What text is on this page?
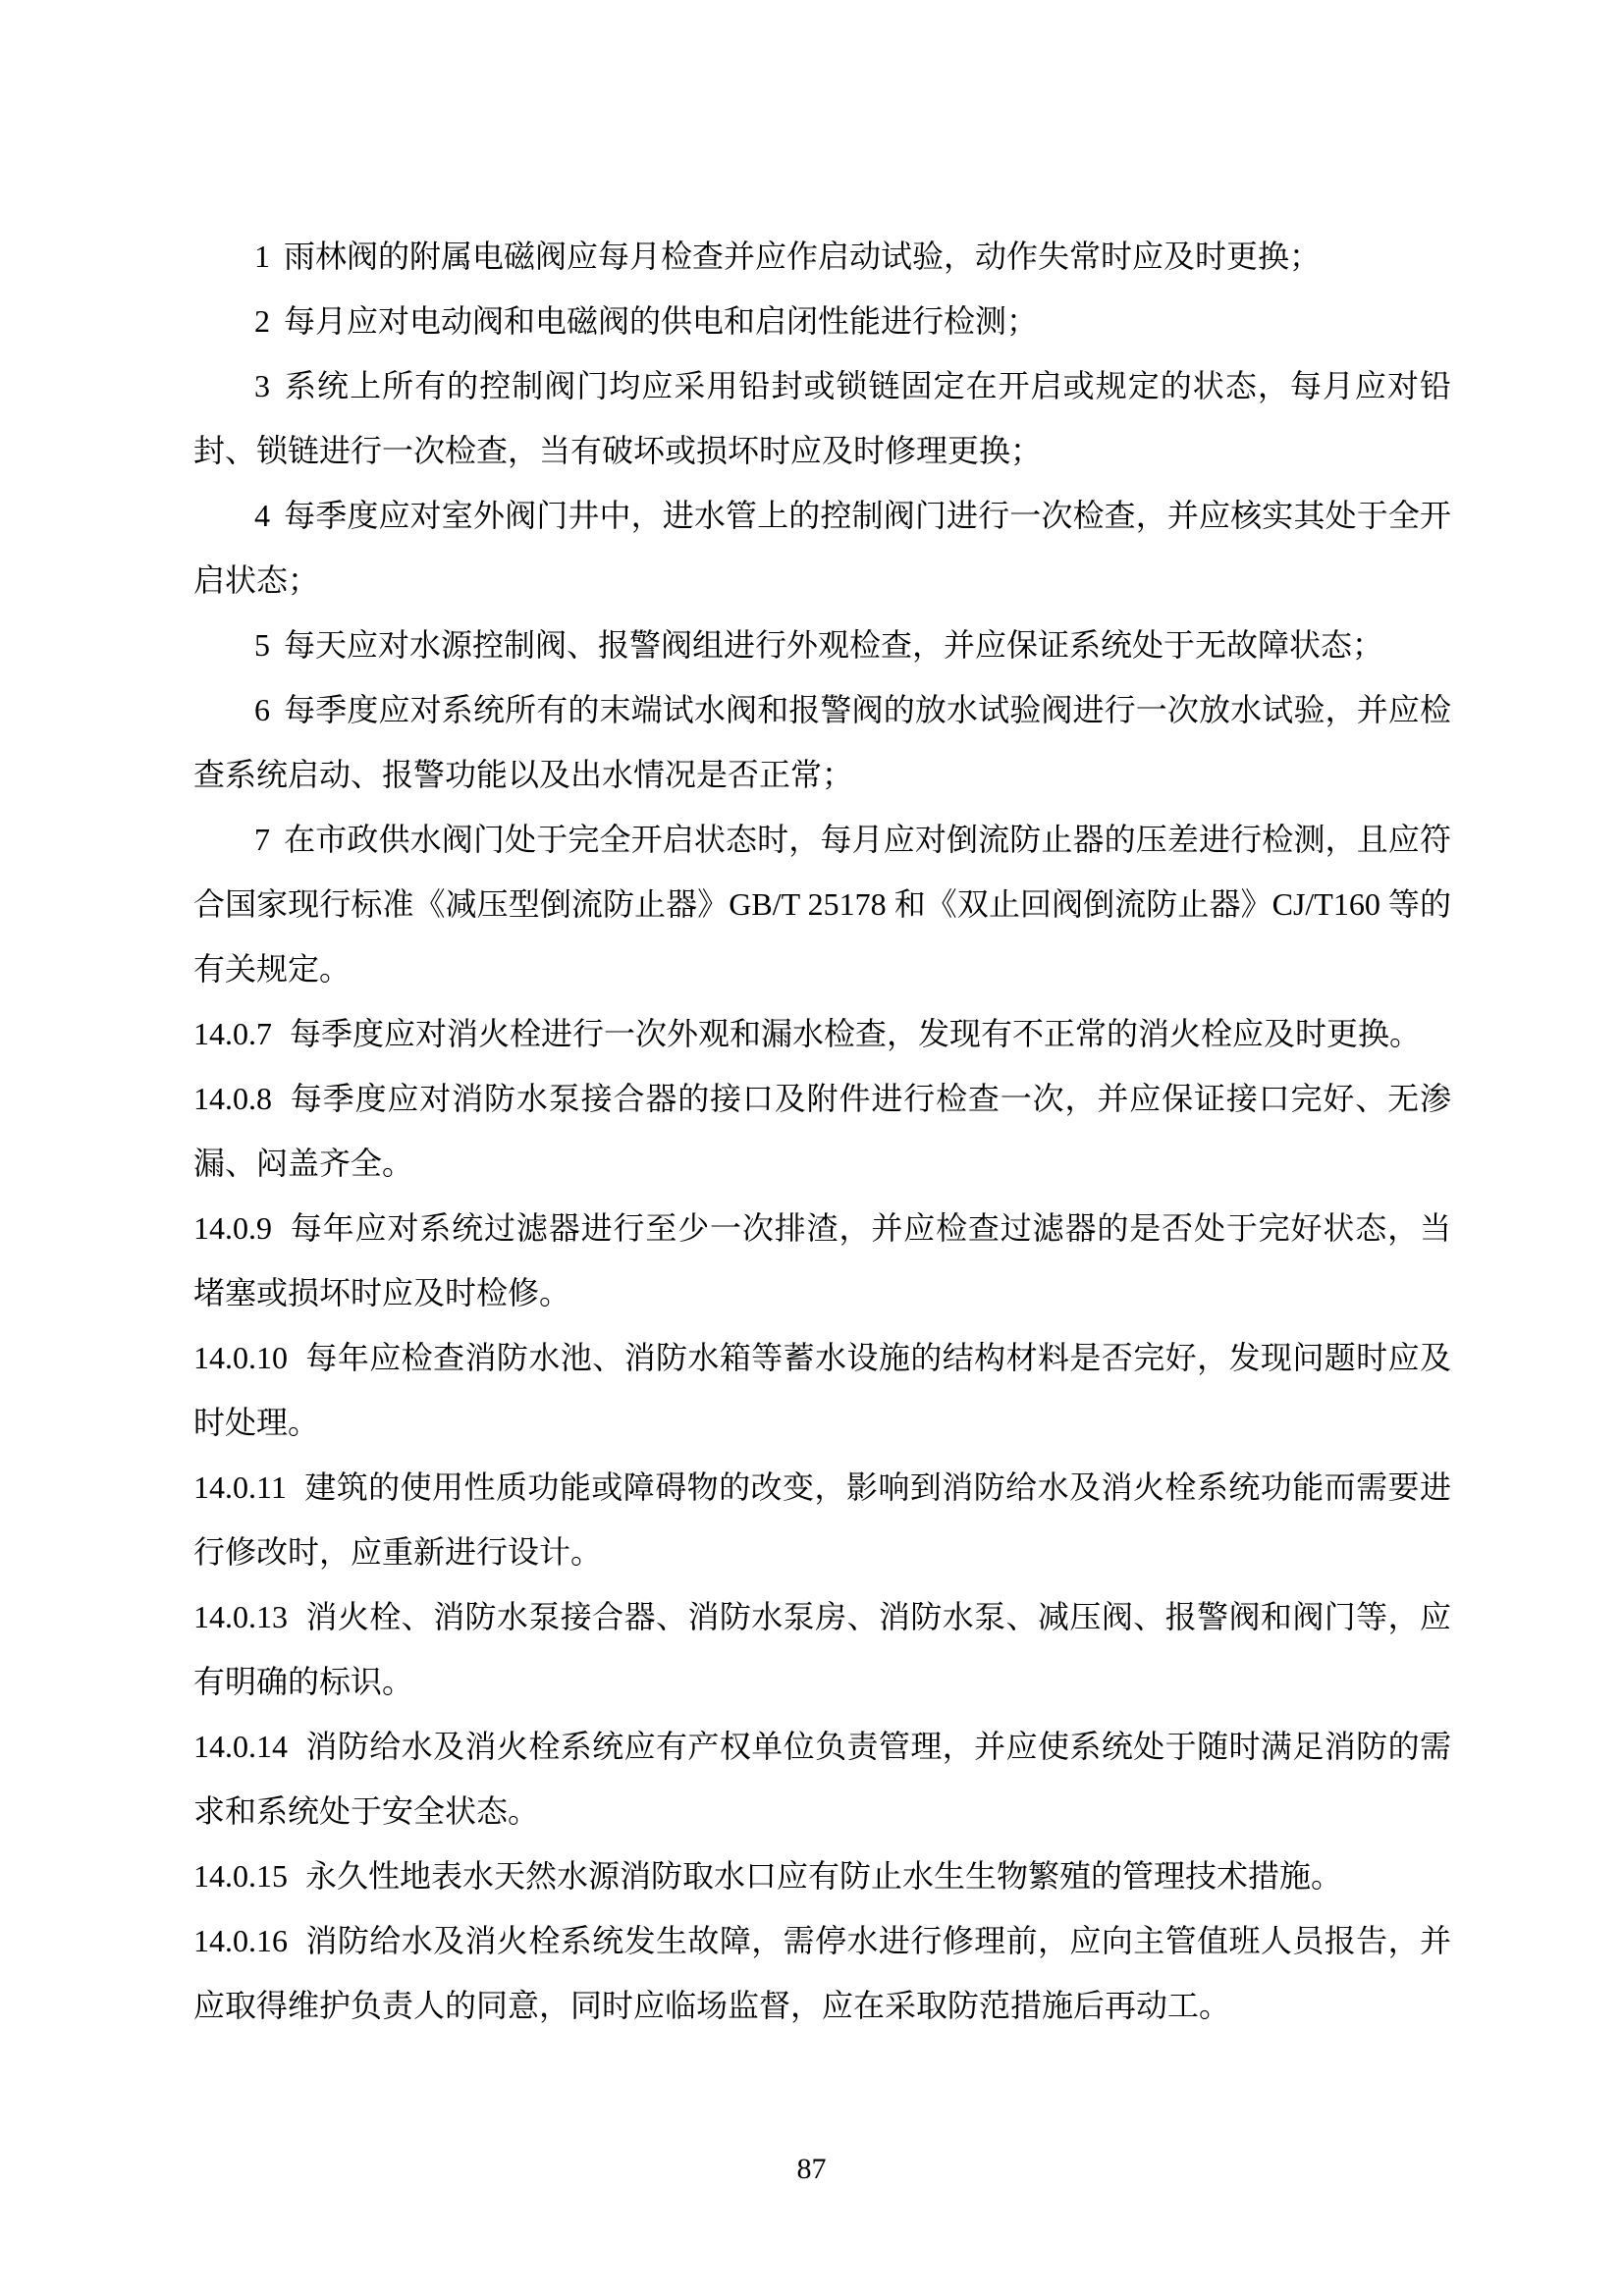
1 雨林阀的附属电磁阀应每月检查并应作启动试验，动作失常时应及时更换；

2 每月应对电动阀和电磁阀的供电和启闭性能进行检测；

3 系统上所有的控制阀门均应采用铅封或锁链固定在开启或规定的状态，每月应对铅封、锁链进行一次检查，当有破坏或损坏时应及时修理更换；

4 每季度应对室外阀门井中，进水管上的控制阀门进行一次检查，并应核实其处于全开启状态；

5 每天应对水源控制阀、报警阀组进行外观检查，并应保证系统处于无故障状态；

6 每季度应对系统所有的末端试水阀和报警阀的放水试验阀进行一次放水试验，并应检查系统启动、报警功能以及出水情况是否正常；

7 在市政供水阀门处于完全开启状态时，每月应对倒流防止器的压差进行检测，且应符合国家现行标准《减压型倒流防止器》GB/T 25178 和《双止回阀倒流防止器》CJ/T160 等的有关规定。

14.0.7 每季度应对消火栓进行一次外观和漏水检查，发现有不正常的消火栓应及时更换。

14.0.8 每季度应对消防水泵接合器的接口及附件进行检查一次，并应保证接口完好、无渗漏、闷盖齐全。

14.0.9 每年应对系统过滤器进行至少一次排渣，并应检查过滤器的是否处于完好状态，当堵塞或损坏时应及时检修。

14.0.10 每年应检查消防水池、消防水箱等蓄水设施的结构材料是否完好，发现问题时应及时处理。

14.0.11 建筑的使用性质功能或障碍物的改变，影响到消防给水及消火栓系统功能而需要进行修改时，应重新进行设计。

14.0.13 消火栓、消防水泵接合器、消防水泵房、消防水泵、减压阀、报警阀和阀门等，应有明确的标识。

14.0.14 消防给水及消火栓系统应有产权单位负责管理，并应使系统处于随时满足消防的需求和系统处于安全状态。

14.0.15 永久性地表水天然水源消防取水口应有防止水生生物繁殖的管理技术措施。

14.0.16 消防给水及消火栓系统发生故障，需停水进行修理前，应向主管值班人员报告，并应取得维护负责人的同意，同时应临场监督，应在采取防范措施后再动工。

87
